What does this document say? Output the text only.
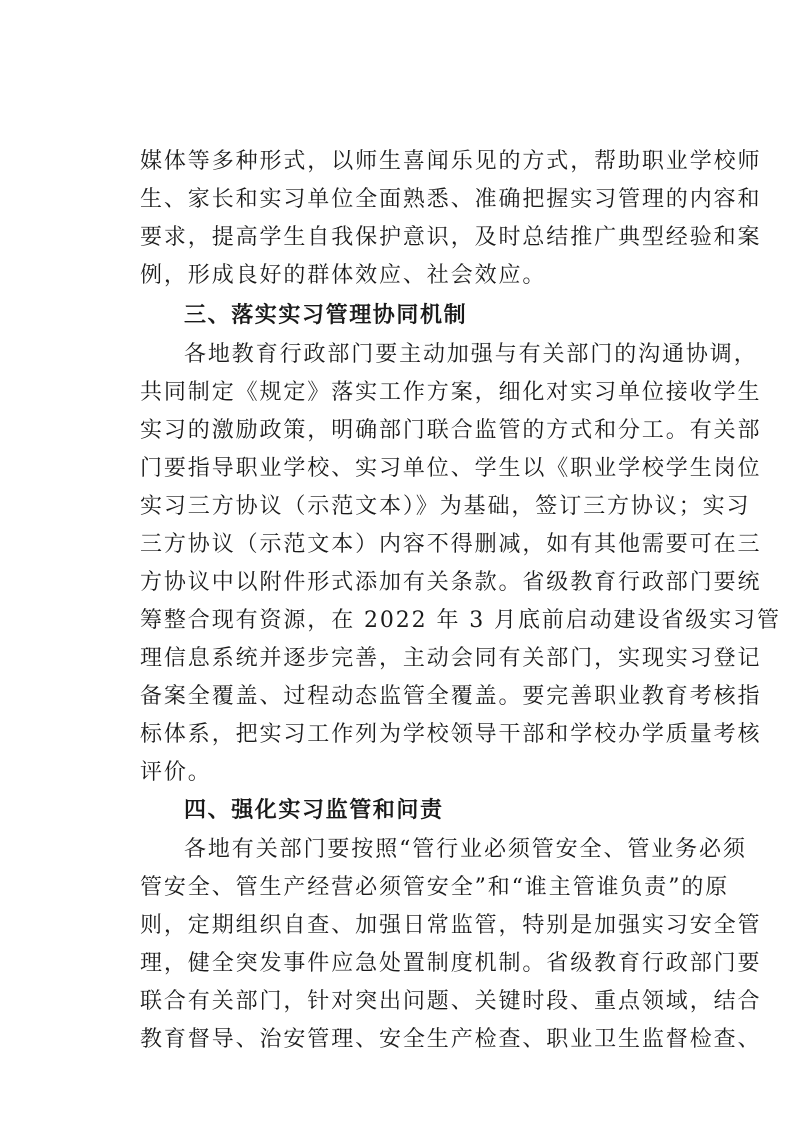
媒体等多种形式，以师生喜闻乐见的方式，帮助职业学校师
生、家长和实习单位全面熟悉、准确把握实习管理的内容和
要求，提高学生自我保护意识，及时总结推广典型经验和案
例，形成良好的群体效应、社会效应。
三、落实实习管理协同机制
各地教育行政部门要主动加强与有关部门的沟通协调，
共同制定《规定》落实工作方案，细化对实习单位接收学生
实习的激励政策，明确部门联合监管的方式和分工。有关部
门要指导职业学校、实习单位、学生以《职业学校学生岗位
实习三方协议（示范文本）》为基础，签订三方协议；实习
三方协议（示范文本）内容不得删减，如有其他需要可在三
方协议中以附件形式添加有关条款。省级教育行政部门要统
筹整合现有资源，在 2022 年 3 月底前启动建设省级实习管
理信息系统并逐步完善，主动会同有关部门，实现实习登记
备案全覆盖、过程动态监管全覆盖。要完善职业教育考核指
标体系，把实习工作列为学校领导干部和学校办学质量考核
评价。
四、强化实习监管和问责
各地有关部门要按照“管行业必须管安全、管业务必须
管安全、管生产经营必须管安全”和“谁主管谁负责”的原
则，定期组织自查、加强日常监管，特别是加强实习安全管
理，健全突发事件应急处置制度机制。省级教育行政部门要
联合有关部门，针对突出问题、关键时段、重点领域，结合
教育督导、治安管理、安全生产检查、职业卫生监督检查、
